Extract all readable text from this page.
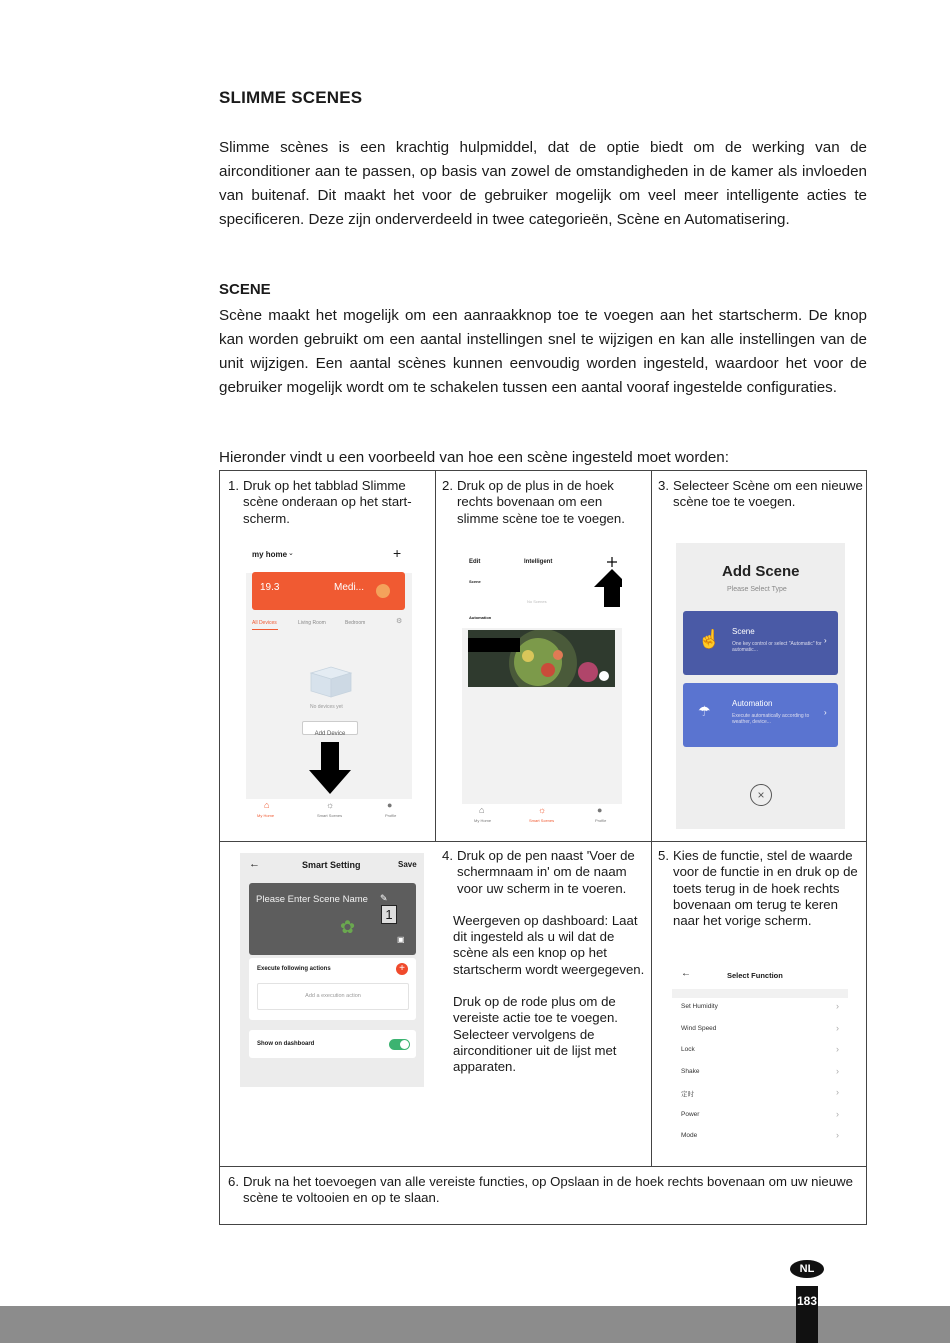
SLIMME SCENES
Slimme scènes is een krachtig hulpmiddel, dat de optie biedt om de werking van de airconditioner aan te passen, op basis van zowel de omstandigheden in de kamer als invloeden van buitenaf. Dit maakt het voor de gebruiker mogelijk om veel meer intelligente acties te specificeren. Deze zijn onderverdeeld in twee categorieën, Scène en Automatisering.
SCENE
Scène maakt het mogelijk om een aanraakknop toe te voegen aan het startscherm. De knop kan worden gebruikt om een aantal instellingen snel te wijzigen en kan alle instellingen van de unit wijzigen. Een aantal scènes kunnen eenvoudig worden ingesteld, waardoor het voor de gebruiker mogelijk wordt om te schakelen tussen een aantal vooraf ingestelde configuraties.
Hieronder vindt u een voorbeeld van hoe een scène ingesteld moet worden:
1. Druk op het tabblad Slimme scène onderaan op het start-scherm.
2. Druk op de plus in de hoek rechts bovenaan om een slimme scène toe te voegen.
3. Selecteer Scène om een nieuwe scène toe te voegen.
4. Druk op de pen naast 'Voer de schermnaam in' om de naam voor uw scherm in te voeren.

Weergeven op dashboard: Laat dit ingesteld als u wil dat de scène als een knop op het startscherm wordt weergegeven.

Druk op de rode plus om de vereiste actie toe te voegen. Selecteer vervolgens de airconditioner uit de lijst met apparaten.

5. Kies de functie, stel de waarde voor de functie in en druk op de toets terug in de hoek rechts bovenaan om terug te keren naar het vorige scherm.
6. Druk na het toevoegen van alle vereiste functies, op Opslaan in de hoek rechts bovenaan om uw nieuwe scène te voltooien en op te slaan.
my home ⌄	+
19.3	Medi...
All Devices	Living Room	Bedroom	⚙
No devices yet
Add Device
⌂
My Home
☼
Smart Scenes
●
Profile
Edit	Intelligent
Scene
No Scenes
Automation
⌂
My Home
☼
Smart Scenes
●
Profile
Add Scene
Please Select Type
☝ Scene
One key control or select "Automatic" for automatic...
›
☂	Automation
Execute automatically according to weather, device...
›
×
←	Smart Setting	Save
Please Enter Scene Name ✎
1
✿
▣
Execute following actions	+
Add a execution action
Show on dashboard
←	Select Function
Set Humidity	›
Wind Speed	›
Lock	›
Shake	›
定时	›
Power	›
Mode	›
NL
183
